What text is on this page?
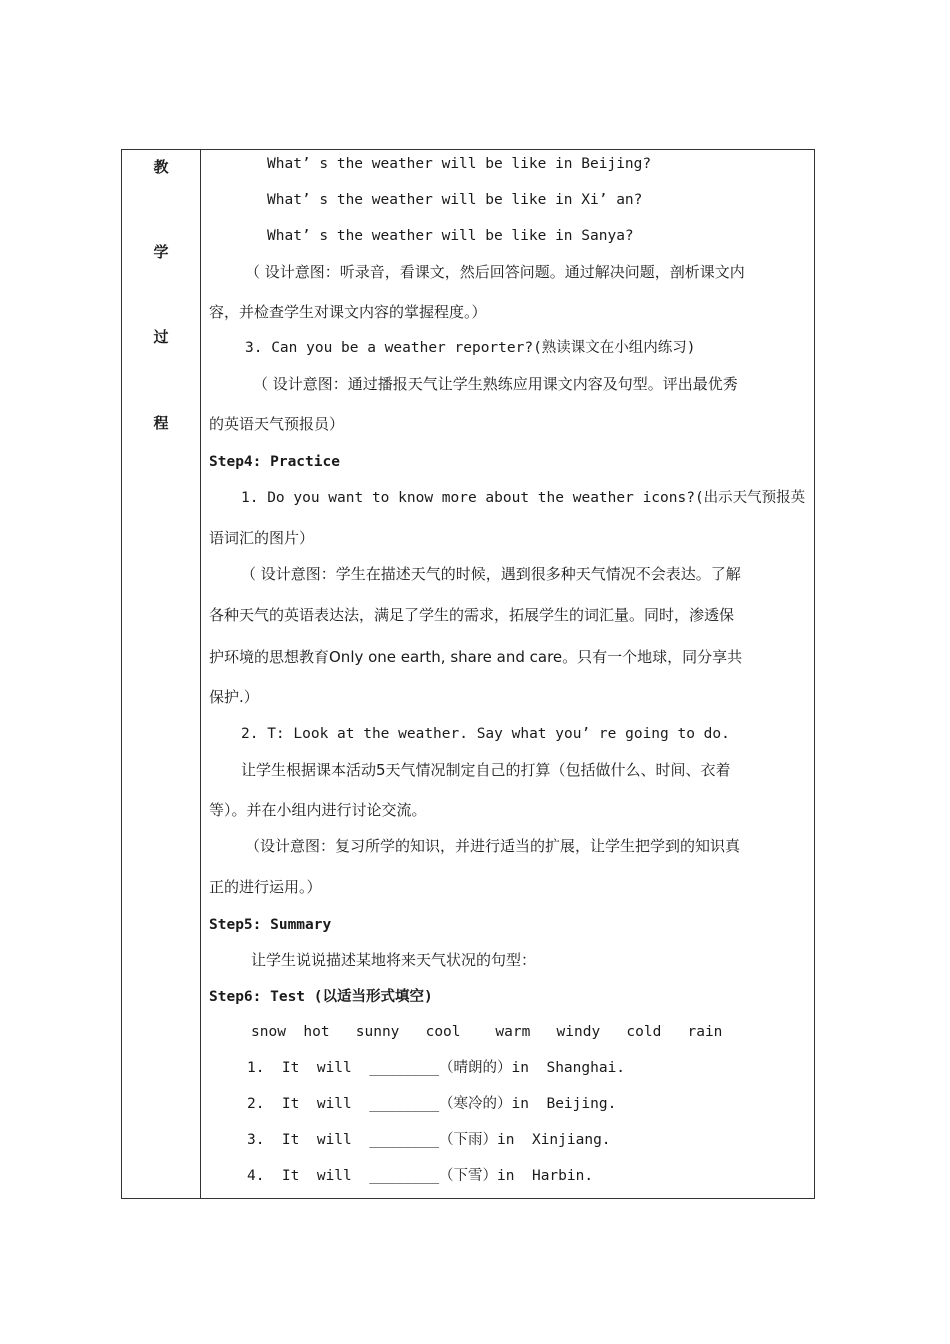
教
学
过
程
What’ s the weather will be like in Beijing?
What’ s the weather will be like in Xi’ an?
What’ s the weather will be like in Sanya?
（ 设计意图：听录音，看课文，然后回答问题。通过解决问题，剖析课文内
容，并检查学生对课文内容的掌握程度。）
3. Can you be a weather reporter?(熟读课文在小组内练习)
（ 设计意图：通过播报天气让学生熟练应用课文内容及句型。评出最优秀
的英语天气预报员）
Step4: Practice
1. Do you want to know more about the weather icons?(出示天气预报英
语词汇的图片）
（ 设计意图：学生在描述天气的时候，遇到很多种天气情况不会表达。了解
各种天气的英语表达法，满足了学生的需求，拓展学生的词汇量。同时，渗透保
护环境的思想教育Only one earth, share and care。只有一个地球，同分享共
保护.）
2. T: Look at the weather. Say what you’ re going to do.
让学生根据课本活动5天气情况制定自己的打算（包括做什么、时间、衣着
等）。并在小组内进行讨论交流。
（设计意图：复习所学的知识，并进行适当的扩展，让学生把学到的知识真
正的进行运用。）
Step5: Summary
让学生说说描述某地将来天气状况的句型：
Step6: Test (以适当形式填空)
snow  hot   sunny   cool    warm   windy   cold   rain
1.  It  will  ________（晴朗的）in  Shanghai.
2.  It  will  ________（寒冷的）in  Beijing.
3.  It  will  ________（下雨）in  Xinjiang.
4.  It  will  ________（下雪）in  Harbin.
